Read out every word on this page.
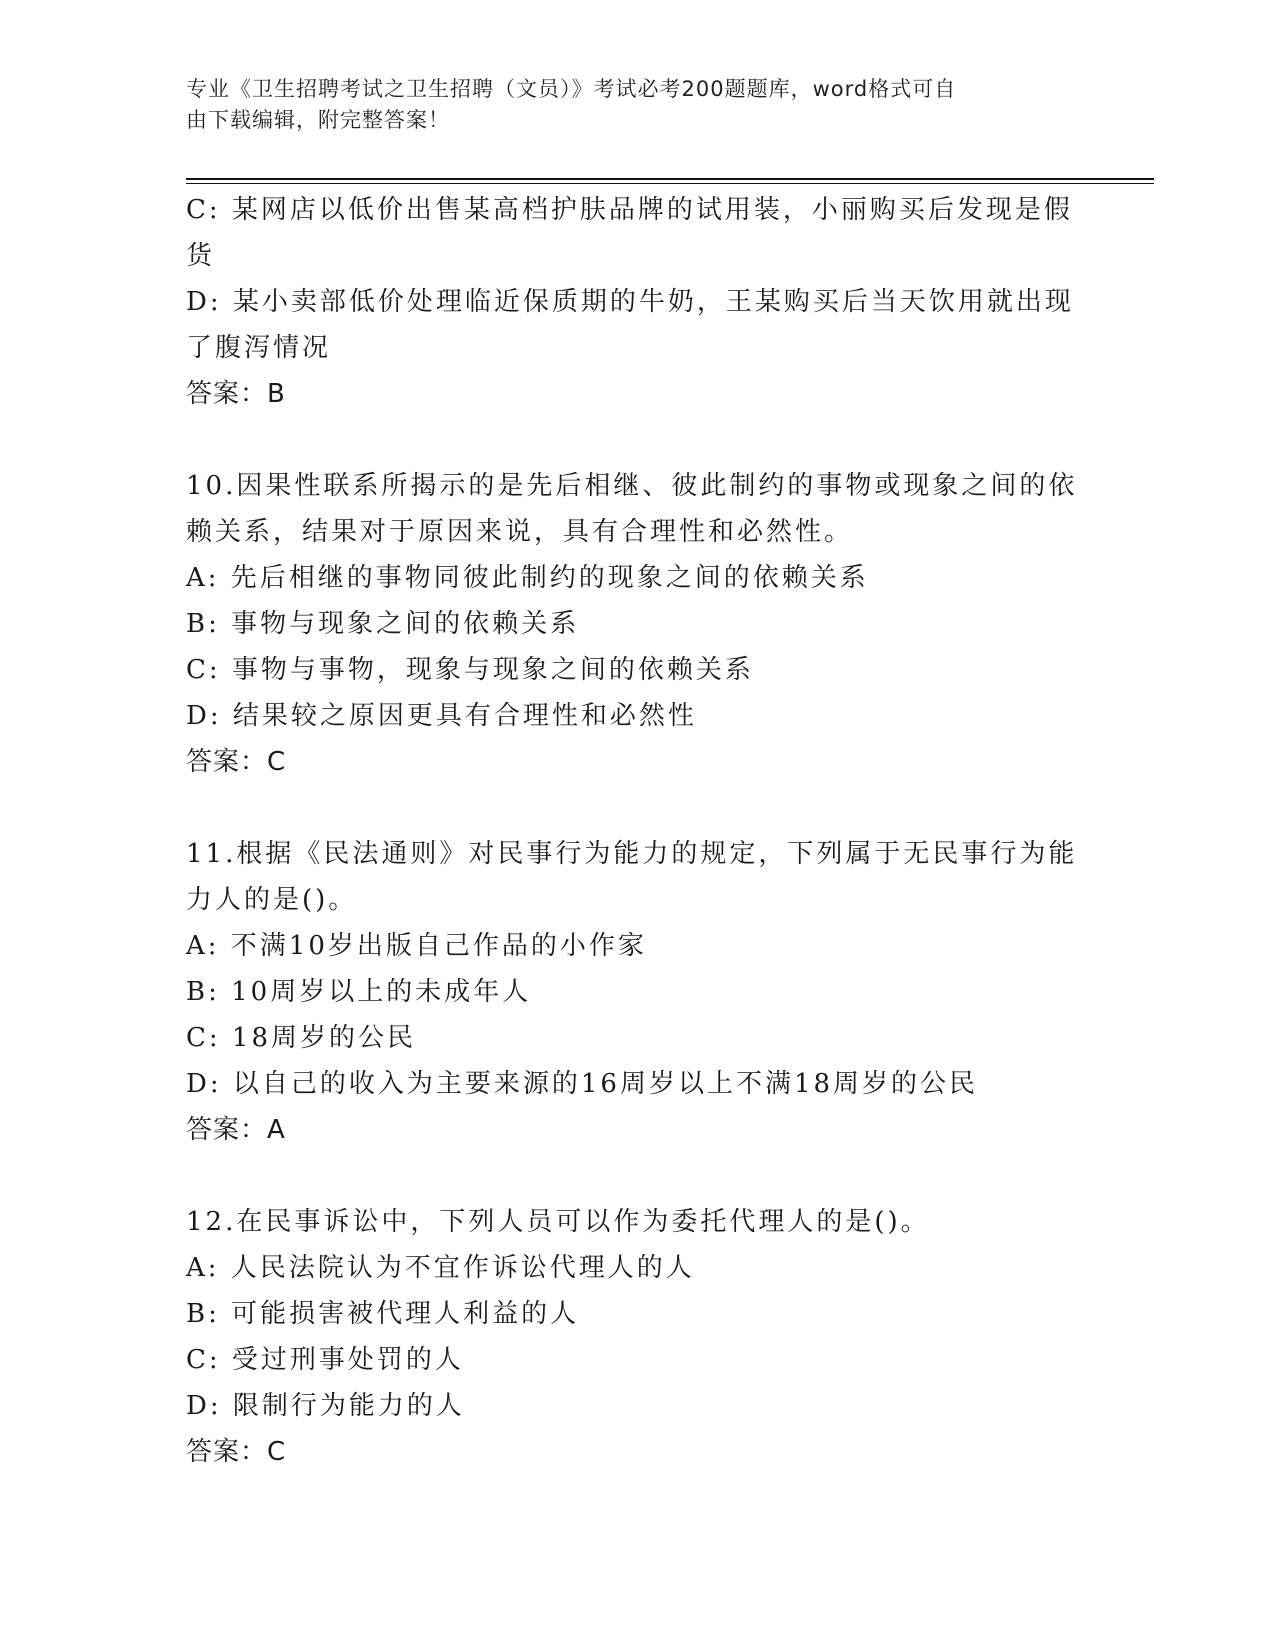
专业《卫生招聘考试之卫生招聘（文员）》考试必考200题题库，word格式可自
由下载编辑，附完整答案！
C: 某网店以低价出售某高档护肤品牌的试用装，小丽购买后发现是假
货
D: 某小卖部低价处理临近保质期的牛奶，王某购买后当天饮用就出现
了腹泻情况
答案：B
10.因果性联系所揭示的是先后相继、彼此制约的事物或现象之间的依
赖关系，结果对于原因来说，具有合理性和必然性。
A: 先后相继的事物同彼此制约的现象之间的依赖关系
B: 事物与现象之间的依赖关系
C: 事物与事物，现象与现象之间的依赖关系
D: 结果较之原因更具有合理性和必然性
答案：C
11.根据《民法通则》对民事行为能力的规定，下列属于无民事行为能
力人的是()。
A: 不满10岁出版自己作品的小作家
B: 10周岁以上的未成年人
C: 18周岁的公民
D: 以自己的收入为主要来源的16周岁以上不满18周岁的公民
答案：A
12.在民事诉讼中，下列人员可以作为委托代理人的是()。
A: 人民法院认为不宜作诉讼代理人的人
B: 可能损害被代理人利益的人
C: 受过刑事处罚的人
D: 限制行为能力的人
答案：C
